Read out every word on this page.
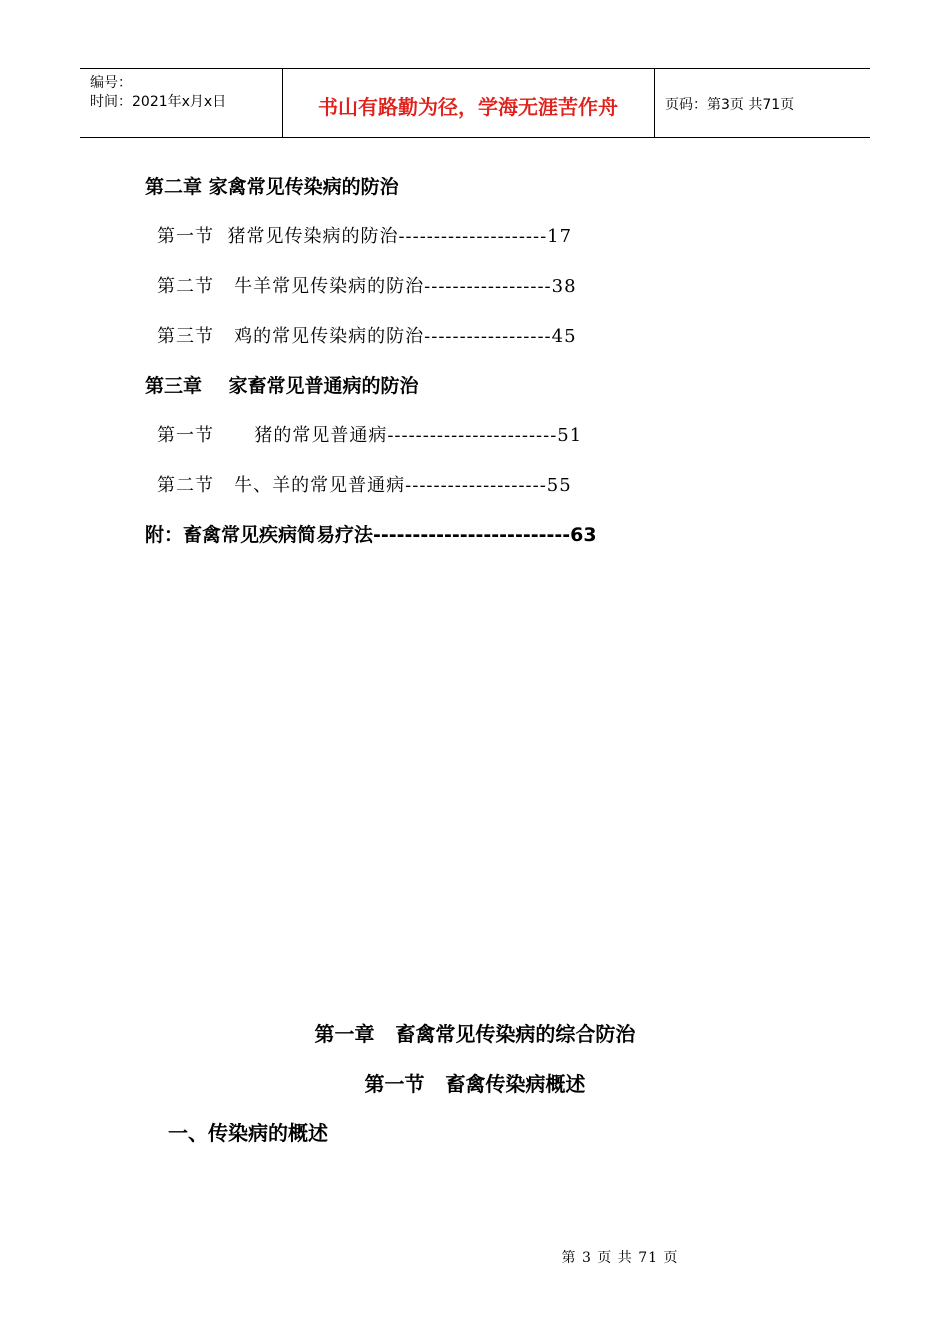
编号：
时间：2021年x月x日	书山有路勤为径，学海无涯苦作舟	页码：第3页 共71页
第二章 家禽常见传染病的防治
第一节  猪常见传染病的防治---------------------17
第二节   牛羊常见传染病的防治------------------38
第三节   鸡的常见传染病的防治------------------45
第三章    家畜常见普通病的防治
第一节      猪的常见普通病------------------------51
第二节   牛、羊的常见普通病--------------------55
附：畜禽常见疾病简易疗法-------------------------63
第一章   畜禽常见传染病的综合防治
第一节   畜禽传染病概述
一、传染病的概述
第 3 页 共 71 页
